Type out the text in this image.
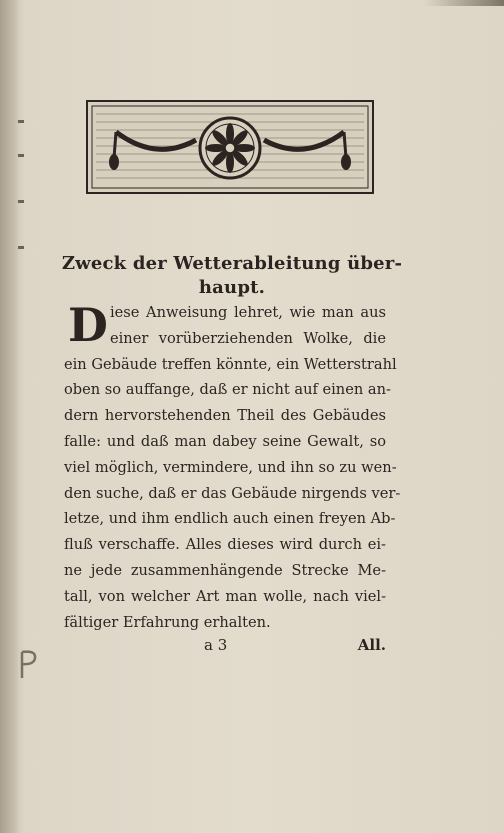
Zweck der Wetterableitung über-
haupt.
D iese Anweisung lehret, wie man aus
einer vorüberziehenden Wolke, die
ein Gebäude treffen könnte, ein Wetterstrahl
oben so auffange, daß er nicht auf einen an-
dern hervorstehenden Theil des Gebäudes
falle: und daß man dabey seine Gewalt, so
viel möglich, vermindere, und ihn so zu wen-
den suche, daß er das Gebäude nirgends ver-
letze, und ihm endlich auch einen freyen Ab-
fluß verschaffe. Alles dieses wird durch ei-
ne jede zusammenhängende Strecke Me-
tall, von welcher Art man wolle, nach viel-
fältiger Erfahrung erhalten.
a 3	All.
